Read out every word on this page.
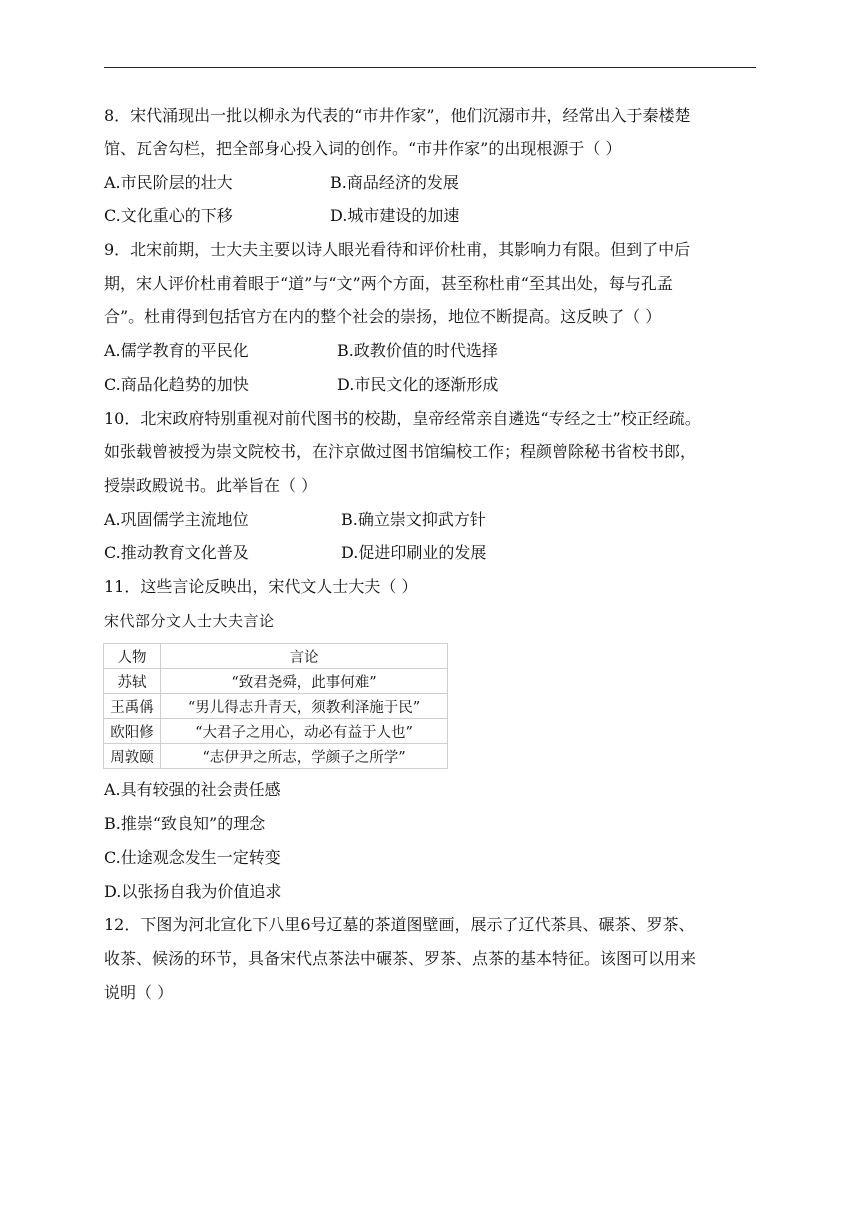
8．宋代涌现出一批以柳永为代表的“市井作家”，他们沉溺市井，经常出入于秦楼楚
馆、瓦舍勾栏，把全部身心投入词的创作。“市井作家”的出现根源于（ ）
A.市民阶层的壮大	B.商品经济的发展
C.文化重心的下移	D.城市建设的加速
9．北宋前期，士大夫主要以诗人眼光看待和评价杜甫，其影响力有限。但到了中后
期，宋人评价杜甫着眼于“道”与“文”两个方面，甚至称杜甫“至其出处，每与孔孟
合”。杜甫得到包括官方在内的整个社会的崇扬，地位不断提高。这反映了（ ）
A.儒学教育的平民化	B.政教价值的时代选择
C.商品化趋势的加快	D.市民文化的逐渐形成
10．北宋政府特别重视对前代图书的校勘，皇帝经常亲自遴选“专经之士”校正经疏。
如张载曾被授为崇文院校书，在汴京做过图书馆编校工作；程颜曾除秘书省校书郎，
授崇政殿说书。此举旨在（ ）
A.巩固儒学主流地位	B.确立崇文抑武方针
C.推动教育文化普及	D.促进印刷业的发展
11．这些言论反映出，宋代文人士大夫（ ）
宋代部分文人士大夫言论
人物	言论
苏轼	“致君尧舜，此事何难”
王禹偁	“男儿得志升青天，须教利泽施于民”
欧阳修	“大君子之用心，动必有益于人也”
周敦颐	“志伊尹之所志，学颜子之所学”
A.具有较强的社会责任感
B.推崇“致良知”的理念
C.仕途观念发生一定转变
D.以张扬自我为价值追求
12．下图为河北宣化下八里6号辽墓的茶道图壁画，展示了辽代茶具、碾茶、罗茶、
收茶、候汤的环节，具备宋代点茶法中碾茶、罗茶、点茶的基本特征。该图可以用来
说明（ ）
